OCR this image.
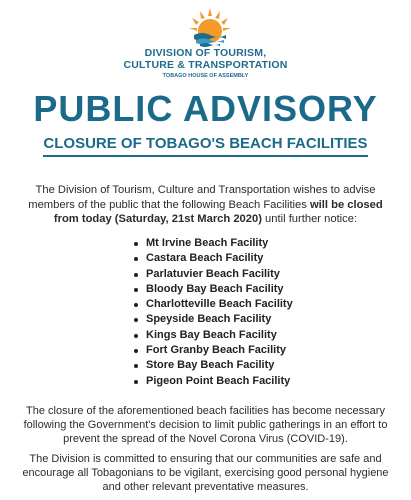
DIVISION OF TOURISM,
CULTURE & TRANSPORTATION
TOBAGO HOUSE OF ASSEMBLY
PUBLIC ADVISORY
CLOSURE OF TOBAGO'S BEACH FACILITIES
The Division of Tourism, Culture and Transportation wishes to advise members of the public that the following Beach Facilities will be closed from today (Saturday, 21st March 2020) until further notice:
Mt Irvine Beach Facility
Castara Beach Facility
Parlatuvier Beach Facility
Bloody Bay Beach Facility
Charlotteville Beach Facility
Speyside Beach Facility
Kings Bay Beach Facility
Fort Granby Beach Facility
Store Bay Beach Facility
Pigeon Point Beach Facility
The closure of the aforementioned beach facilities has become necessary following the Government's decision to limit public gatherings in an effort to prevent the spread of the Novel Corona Virus (COVID-19).
The Division is committed to ensuring that our communities are safe and encourage all Tobagonians to be vigilant, exercising good personal hygiene and other relevant preventative measures.
